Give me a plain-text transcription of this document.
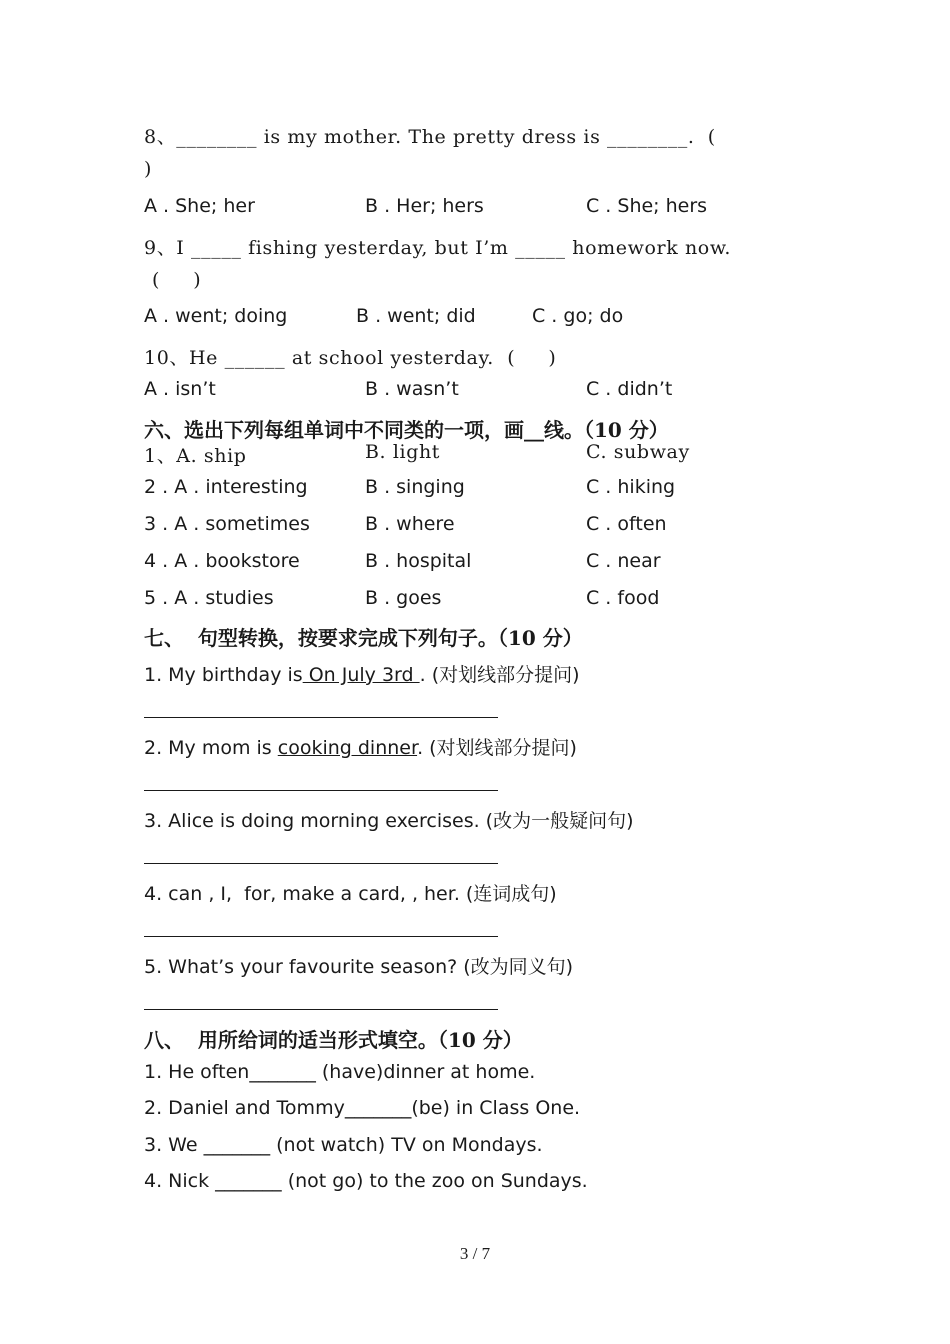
8、________ is my mother. The pretty dress is ________.  (
)
A . She; her	B . Her; hers	C . She; hers
9、I _____ fishing yesterday, but I’m _____ homework now.
(     )
A . went; doing	B . went; did	C . go; do
10、He ______ at school yesterday.  (     )
A . isn’t	B . wasn’t	C . didn’t
六、选出下列每组单词中不同类的一项，画__线。（10 分）
1、A. ship	B. light	C. subway
2 . A . interesting	B . singing	C . hiking
3 . A . sometimes	B . where	C . often
4 . A . bookstore	B . hospital	C . near
5 . A . studies	B . goes	C . food
七、  句型转换，按要求完成下列句子。（10 分）
1. My birthday is On July 3rd . (对划线部分提问)
2. My mom is cooking dinner. (对划线部分提问)
3. Alice is doing morning exercises. (改为一般疑问句)
4. can , I,  for, make a card, , her. (连词成句)
5. What’s your favourite season? (改为同义句)
八、  用所给词的适当形式填空。（10 分）
1. He often_______ (have)dinner at home.
2. Daniel and Tommy_______(be) in Class One.
3. We _______ (not watch) TV on Mondays.
4. Nick _______ (not go) to the zoo on Sundays.
3 / 7
